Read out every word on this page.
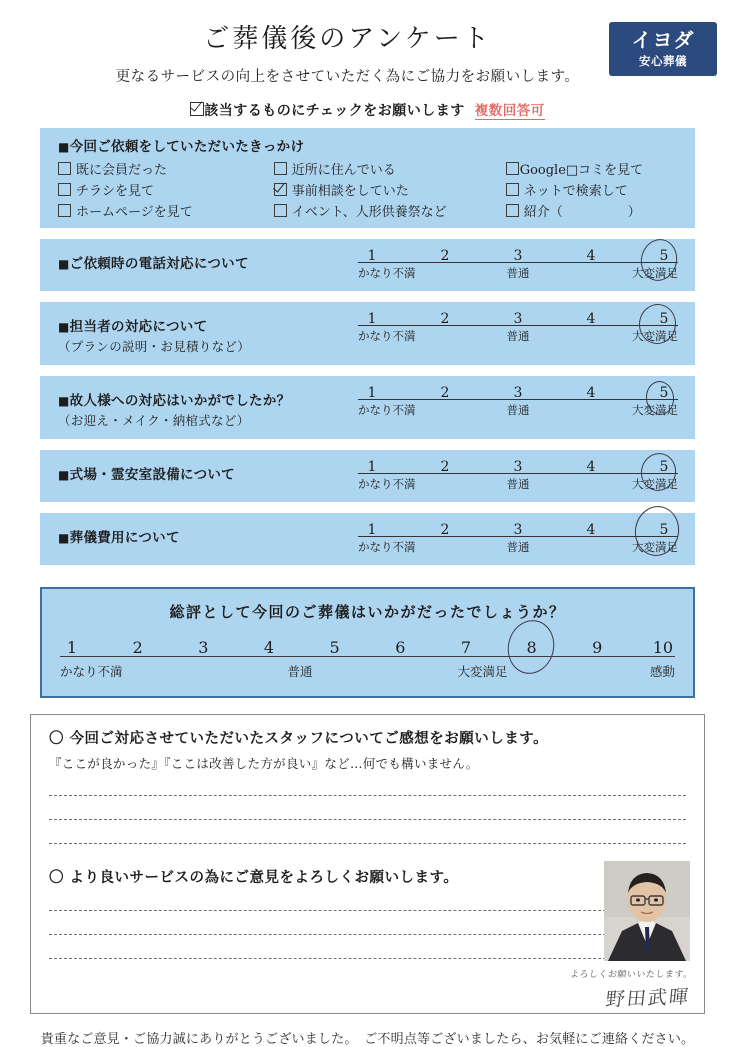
ご葬儀後のアンケート
更なるサービスの向上をさせていただく為にご協力をお願いします。
イヨダ
安心葬儀
該当するものにチェックをお願いします 複数回答可
■今回ご依頼をしていただいたきっかけ
既に会員だった
チラシを見て
ホームページを見て
近所に住んでいる
事前相談をしていた
イベント、人形供養祭など
Google□コミを見て
ネットで検索して
紹介（　　　　　）
■ご依頼時の電話対応について	1	2	3	4	5
かなり不満	普通	大変満足
■担当者の対応について
（プランの説明・お見積りなど）
1	2	3	4	5
かなり不満	普通	大変満足
■故人様への対応はいかがでしたか？
（お迎え・メイク・納棺式など）
1	2	3	4	5
かなり不満	普通	大変満足
■式場・霊安室設備について	1	2	3	4	5
かなり不満	普通	大変満足
■葬儀費用について	1	2	3	4	5
かなり不満	普通	大変満足
総評として今回のご葬儀はいかがだったでしょうか？
1	2	3	4	5	6	7	8	9	10
かなり不満	普通	大変満足	感動
〇 今回ご対応させていただいたスタッフについてご感想をお願いします。
『ここが良かった』『ここは改善した方が良い』など…何でも構いません。
〇 より良いサービスの為にご意見をよろしくお願いします。
よろしくお願いいたします。
野田武暉
貴重なご意見・ご協力誠にありがとうございました。　ご不明点等ございましたら、お気軽にご連絡ください。
